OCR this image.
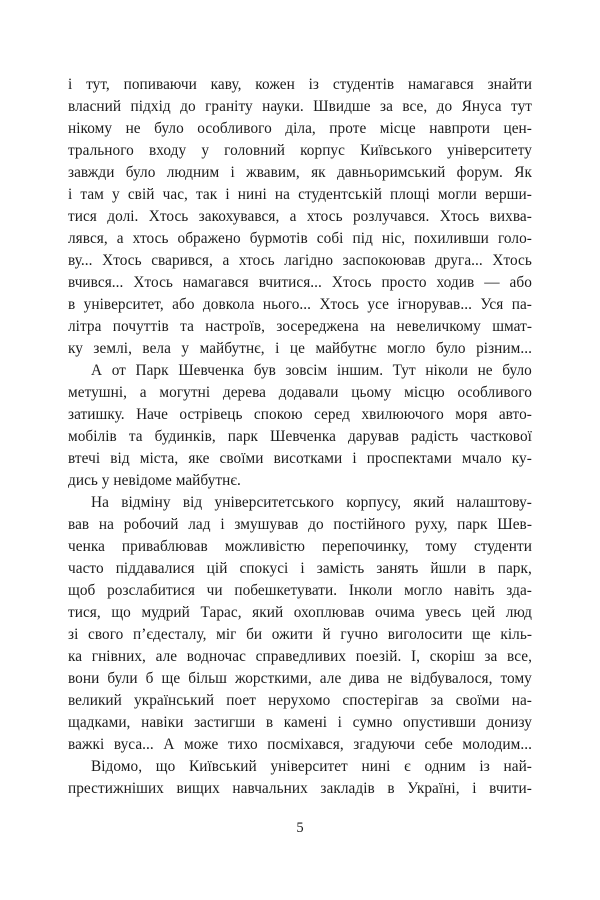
і тут, попиваючи каву, кожен із студентів намагався знайти
власний підхід до граніту науки. Швидше за все, до Януса тут
нікому не було особливого діла, проте місце навпроти цен-
трального входу у головний корпус Київського університету
завжди було людним і жвавим, як давньоримський форум. Як
і там у свій час, так і нині на студентській площі могли верши-
тися долі. Хтось закохувався, а хтось розлучався. Хтось вихва-
лявся, а хтось ображено бурмотів собі під ніс, похиливши голо-
ву... Хтось сварився, а хтось лагідно заспокоював друга... Хтось
вчився... Хтось намагався вчитися... Хтось просто ходив — або
в університет, або довкола нього... Хтось усе ігнорував... Уся па-
літра почуттів та настроїв, зосереджена на невеличкому шмат-
ку землі, вела у майбутнє, і це майбутнє могло було різним...
А от Парк Шевченка був зовсім іншим. Тут ніколи не було
метушні, а могутні дерева додавали цьому місцю особливого
затишку. Наче острівець спокою серед хвилюючого моря авто-
мобілів та будинків, парк Шевченка дарував радість часткової
втечі від міста, яке своїми висотками і проспектами мчало ку-
дись у невідоме майбутнє.
На відміну від університетського корпусу, який налаштову-
вав на робочий лад і змушував до постійного руху, парк Шев-
ченка приваблював можливістю перепочинку, тому студенти
часто піддавалися цій спокусі і замість занять йшли в парк,
щоб розслабитися чи побешкетувати. Інколи могло навіть зда-
тися, що мудрий Тарас, який охоплював очима увесь цей люд
зі свого п’єдесталу, міг би ожити й гучно виголосити ще кіль-
ка гнівних, але водночас справедливих поезій. І, скоріш за все,
вони були б ще більш жорсткими, але дива не відбувалося, тому
великий український поет нерухомо спостерігав за своїми на-
щадками, навіки застигши в камені і сумно опустивши донизу
важкі вуса... А може тихо посміхався, згадуючи себе молодим...
Відомо, що Київський університет нині є одним із най-
престижніших вищих навчальних закладів в Україні, і вчити-
5
